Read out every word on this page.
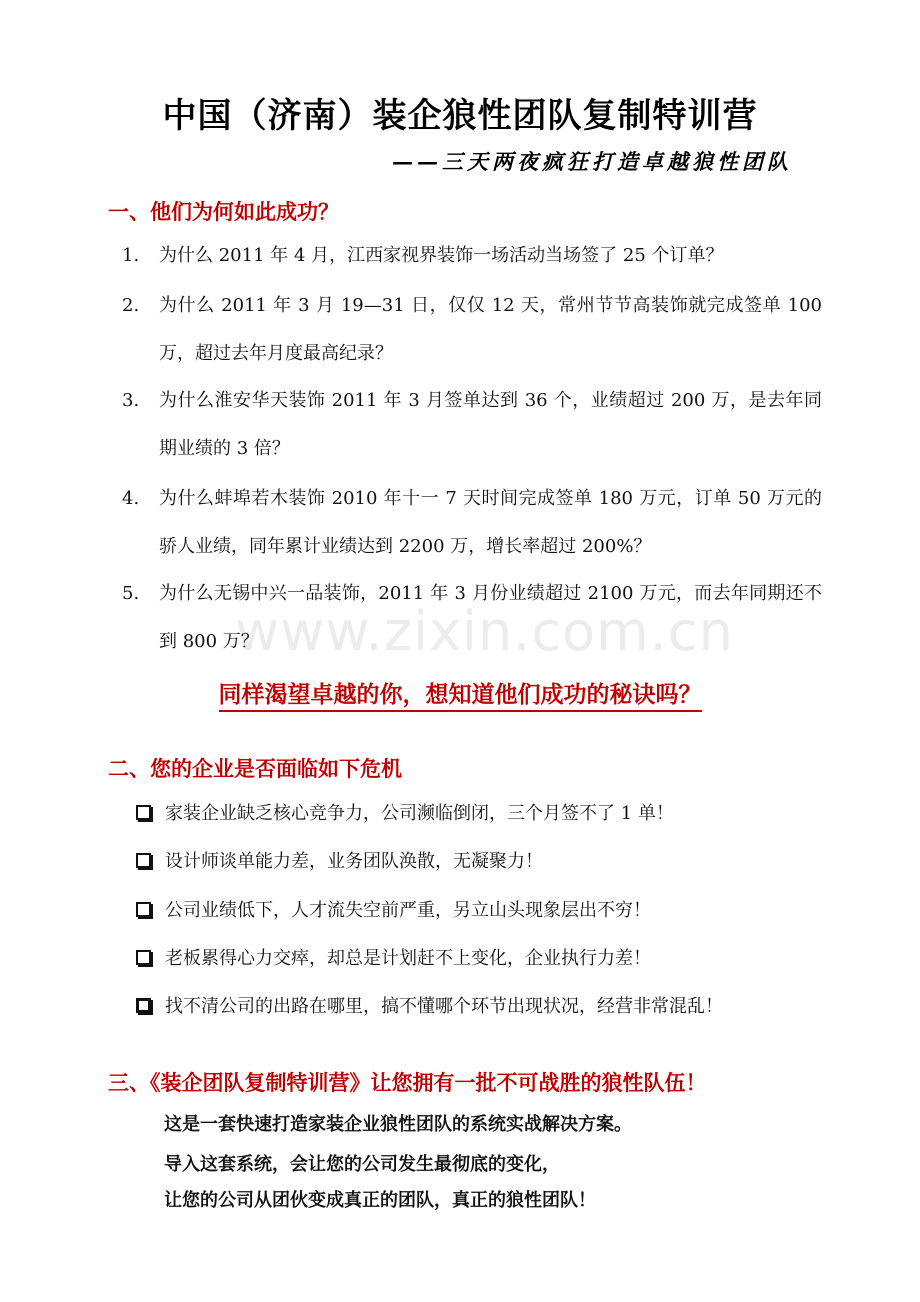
www.zixin.com.cn
中国（济南）装企狼性团队复制特训营
——三天两夜疯狂打造卓越狼性团队
一、他们为何如此成功？
1.	为什么 2011 年 4 月，江西家视界装饰一场活动当场签了 25 个订单？
2.	为什么 2011 年 3 月 19—31 日，仅仅 12 天，常州节节高装饰就完成签单 100 万，超过去年月度最高纪录？
3.	为什么淮安华天装饰 2011 年 3 月签单达到 36 个，业绩超过 200 万，是去年同期业绩的 3 倍？
4.	为什么蚌埠若木装饰 2010 年十一 7 天时间完成签单 180 万元，订单 50 万元的骄人业绩，同年累计业绩达到 2200 万，增长率超过 200%？
5.	为什么无锡中兴一品装饰，2011 年 3 月份业绩超过 2100 万元，而去年同期还不到 800 万？
同样渴望卓越的你，想知道他们成功的秘诀吗？
二、您的企业是否面临如下危机
家装企业缺乏核心竞争力，公司濒临倒闭，三个月签不了 1 单！
设计师谈单能力差，业务团队涣散，无凝聚力！
公司业绩低下，人才流失空前严重，另立山头现象层出不穷！
老板累得心力交瘁，却总是计划赶不上变化，企业执行力差！
找不清公司的出路在哪里，搞不懂哪个环节出现状况，经营非常混乱！
三、《装企团队复制特训营》让您拥有一批不可战胜的狼性队伍！
这是一套快速打造家装企业狼性团队的系统实战解决方案。
导入这套系统，会让您的公司发生最彻底的变化，
让您的公司从团伙变成真正的团队，真正的狼性团队！
